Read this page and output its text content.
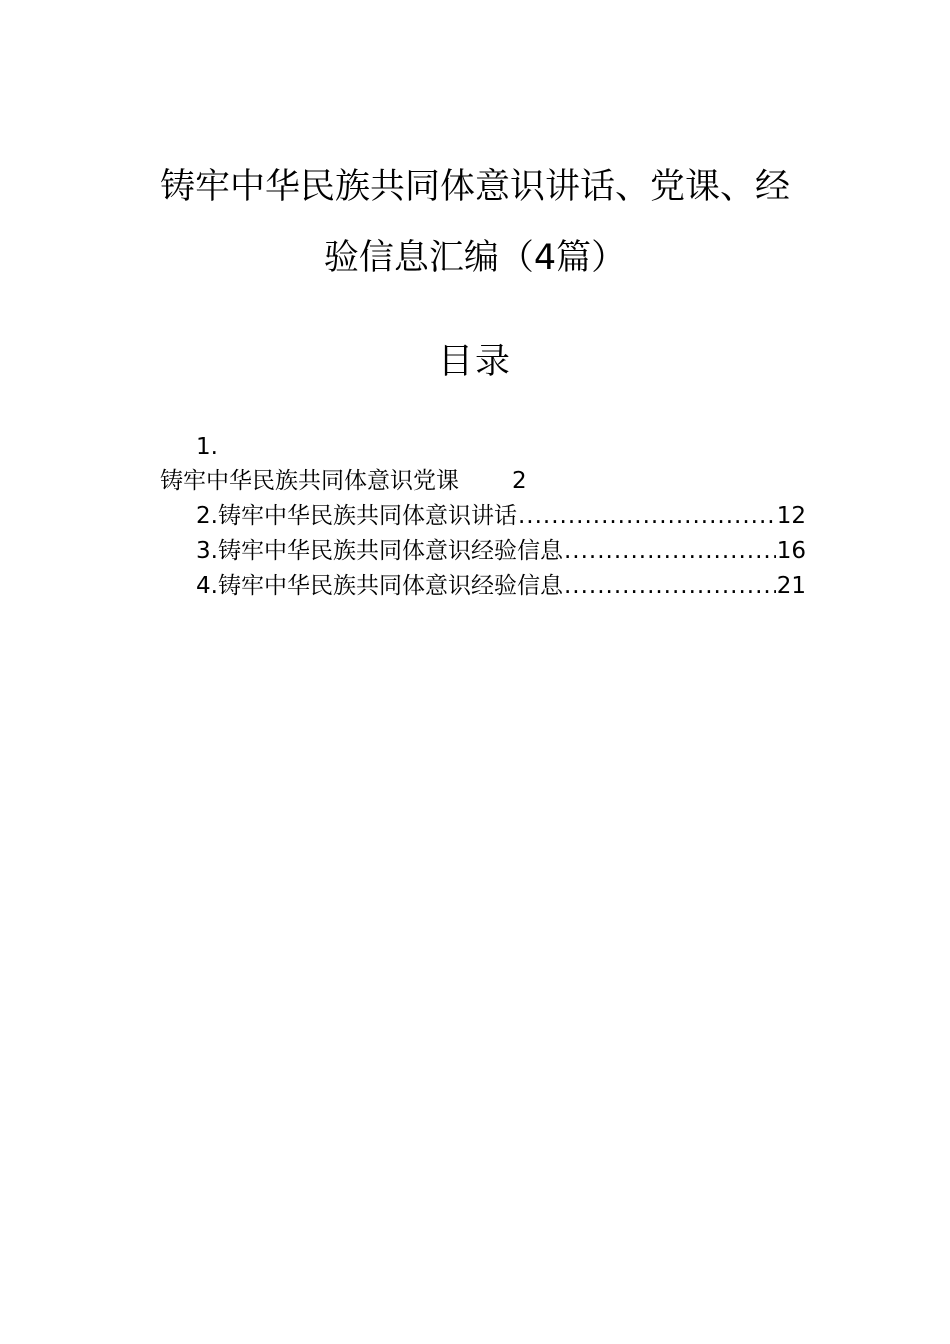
铸牢中华民族共同体意识讲话、党课、经
验信息汇编（4篇）
目录
1.
铸牢中华民族共同体意识党课 2
2.铸牢中华民族共同体意识讲话 .....	12
3.铸牢中华民族共同体意识经验信息 .....	16
4.铸牢中华民族共同体意识经验信息 .....	21
